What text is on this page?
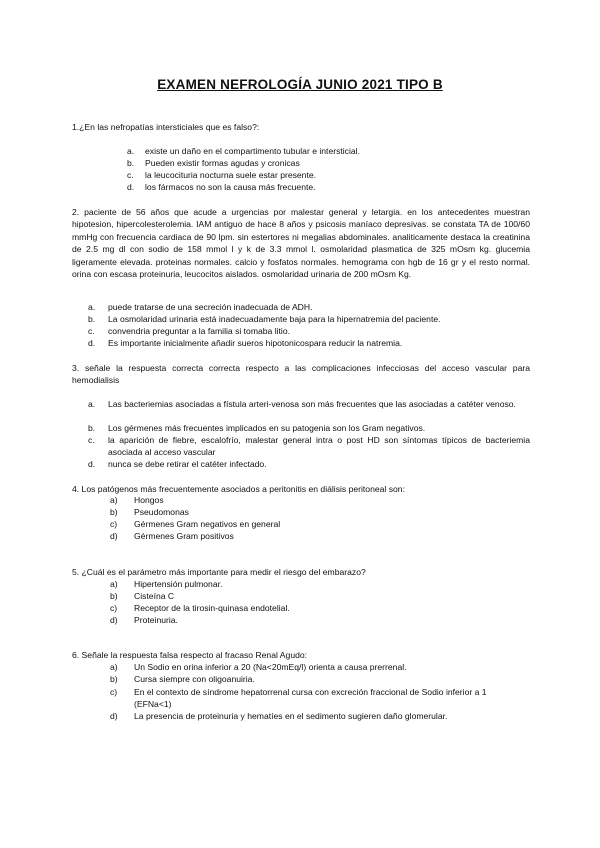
EXAMEN NEFROLOGÍA JUNIO 2021 TIPO B
1.¿En las nefropatías intersticiales que es falso?:
a. existe un daño en el compartimento tubular e intersticial.
b. Pueden existir formas agudas y cronicas
c. la leucocituria nocturna suele estar presente.
d. los fármacos no son la causa más frecuente.
2. paciente de 56 años que acude a urgencias por malestar general y letargia. en los antecedentes muestran hipotesion, hipercolesterolemia. IAM antiguo de hace 8 años y psicosis maníaco depresivas. se constata TA de 100/60 mmHg con frecuencia cardiaca de 90 lpm. sin estertores ni megalias abdominales. analiticamente destaca la creatinina de 2.5 mg dl con sodio de 158 mmol l y k de 3.3 mmol l. osmolaridad plasmatica de 325 mOsm kg. glucemia ligeramente elevada. proteinas normales. calcio y fosfatos normales. hemograma con hgb de 16 gr y el resto normal. orina con escasa proteinuria, leucocitos aislados. osmolaridad urinaria de 200 mOsm Kg.
a. puede tratarse de una secreción inadecuada de ADH.
b. La osmolaridad urinaria está inadecuadamente baja para la hipernatremia del paciente.
c. convendria preguntar a la familia si tomaba litio.
d. Es importante inicialmente añadir sueros hipotonicospara reducir la natremia.
3. señale la respuesta correcta correcta respecto a las complicaciones infecciosas del acceso vascular para hemodialisis
a. Las bacteriemias asociadas a fístula arteri-venosa son más frecuentes que las asociadas a catéter venoso.
b. Los gérmenes más frecuentes implicados en su patogenia son los Gram negativos.
c. la aparición de fiebre, escalofrío, malestar general intra o post HD son síntomas típicos de bacteriemia asociada al acceso vascular
d. nunca se debe retirar el catéter infectado.
4. Los patógenos más frecuentemente asociados a peritonitis en diálisis peritoneal son:
a) Hongos
b) Pseudomonas
c) Gérmenes Gram negativos en general
d) Gérmenes Gram positivos
5. ¿Cuál es el parámetro más importante para medir el riesgo del embarazo?
a) Hipertensión pulmonar.
b) Cisteína C
c) Receptor de la tirosin-quinasa endotelial.
d) Proteinuria.
6. Señale la respuesta falsa respecto al fracaso Renal Agudo:
a) Un Sodio en orina inferior a 20 (Na<20mEq/l) orienta a causa prerrenal.
b) Cursa siempre con oligoanuiria.
c) En el contexto de síndrome hepatorrenal cursa con excreción fraccional de Sodio inferior a 1 (EFNa<1)
d) La presencia de proteinuria y hematíes en el sedimento sugieren daño glomerular.
